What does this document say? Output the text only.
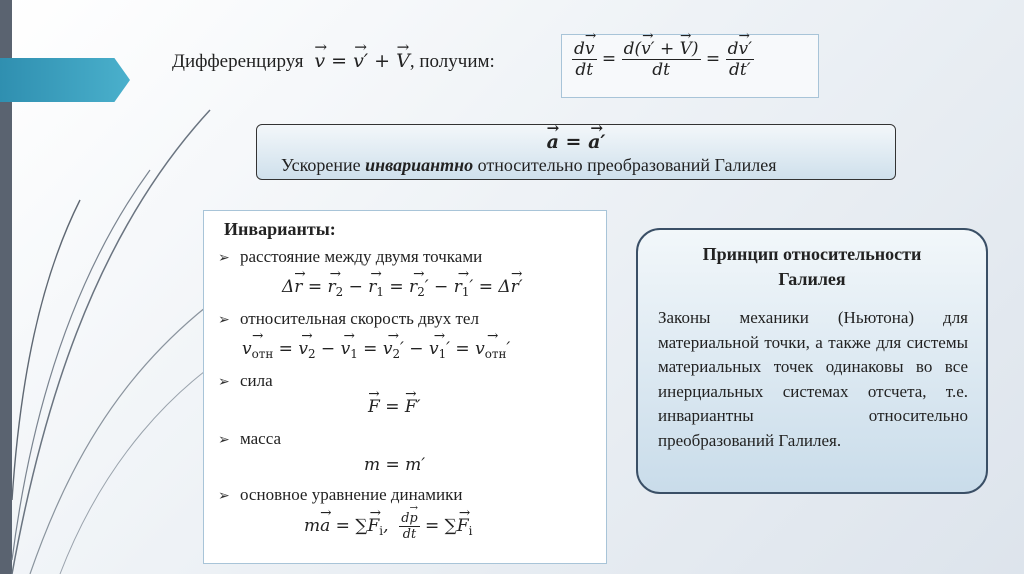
Дифференцируя  → v = → v′ + → V, получим:	$\frac{d\to v}{dt} = \frac{d(\to v' + \to V)}{dt} = \frac{d\to v'}{dt'}$
→ a = → a′
Ускорение инвариантно относительно преобразований Галилея
Инварианты:
➢ расстояние между двумя точками
Δ→ r = → $r_2$ − → $r_1$ = → $r_2'$ − → $r_1' = \Delta\to r'$
➢ относительная скорость двух тел
→ $v_{отн}$ = → $v_2$ − → $v_1$ = → $v_2'$ − → $v_1'$ = → $v_{отн}'$
➢ сила
→ F = → F′
➢ масса
m = m′
➢ основное уравнение динамики
m→ a = ∑→ $F_i$, $\frac{d\to p}{dt}$ = ∑→ $F_i$
Принцип относительности
Галилея
Законы механики (Ньютона) для материальной точки, а также для системы материальных точек одинаковы во все инерциальных системах отсчета, т.е. инвариантны относительно преобразований Галилея.
